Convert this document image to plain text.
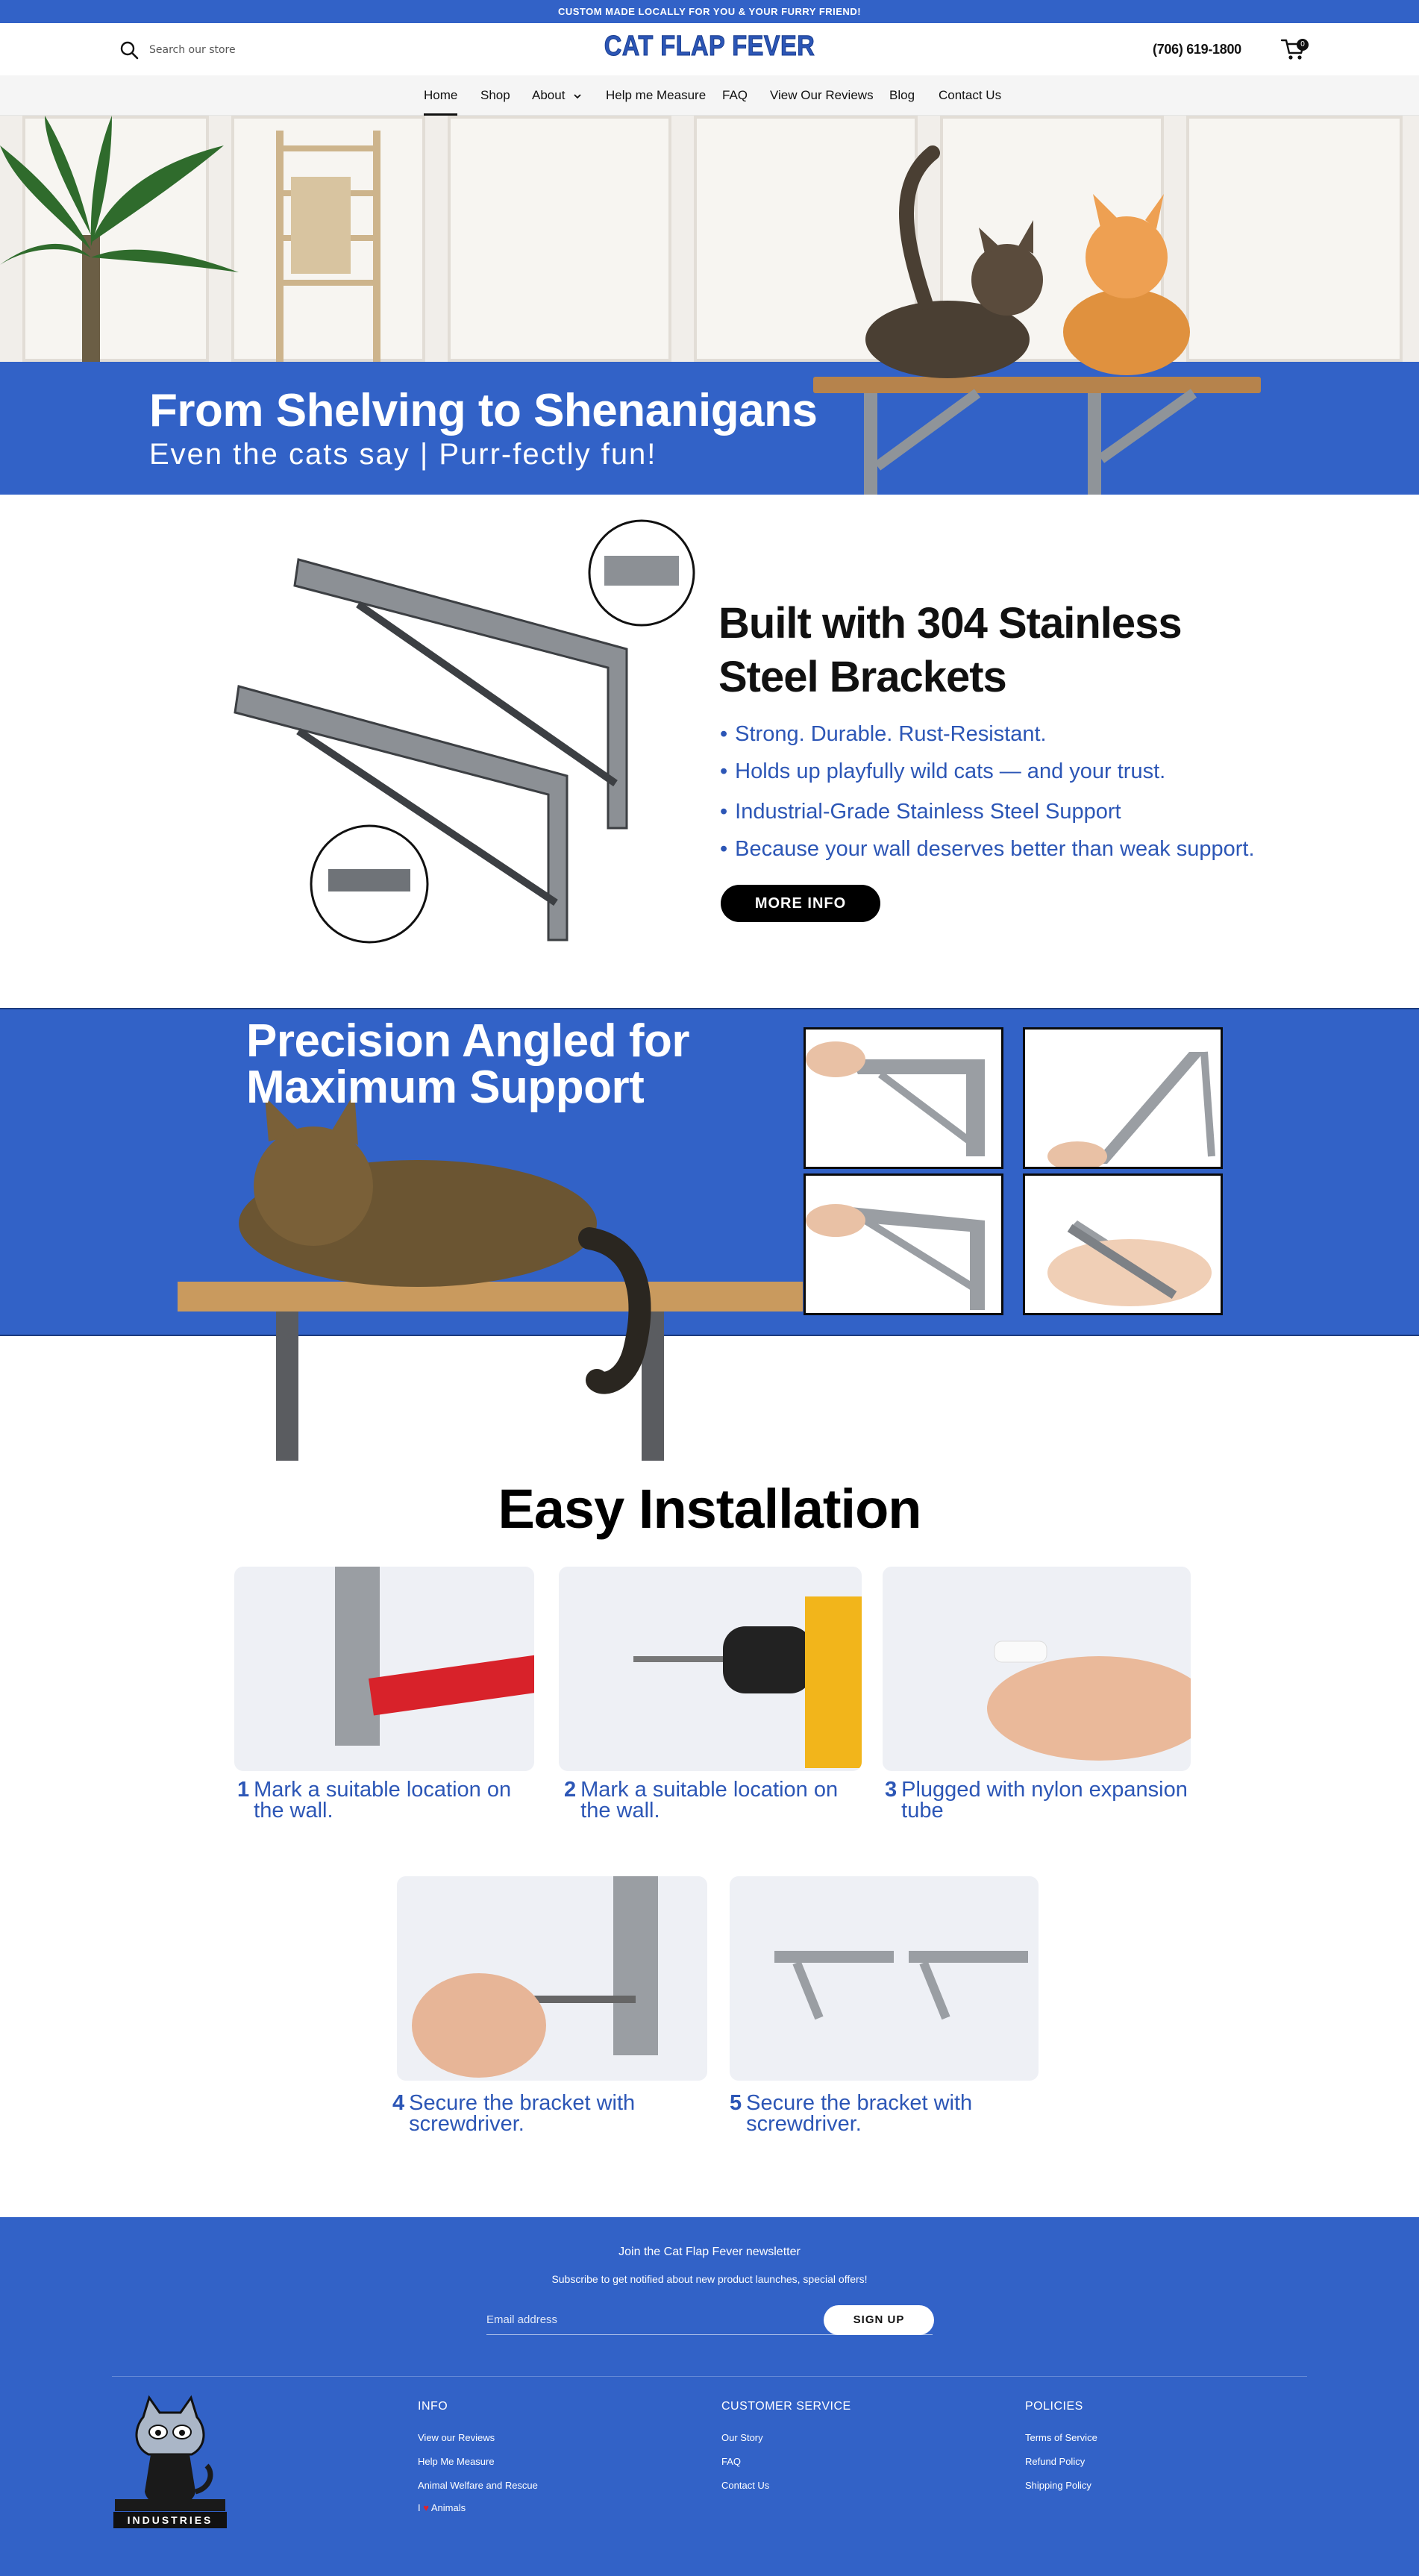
CUSTOM MADE LOCALLY FOR YOU & YOUR FURRY FRIEND!
Search our store
CAT FLAP FEVER	(706) 619-1800	0
Home Shop About	Help me Measure FAQ View Our Reviews Blog Contact Us
From Shelving to Shenanigans
Even the cats say | Purr-fectly fun!
Built with 304 Stainless
Steel Brackets
• Strong. Durable. Rust-Resistant.
• Holds up playfully wild cats — and your trust.
• Industrial-Grade Stainless Steel Support
• Because your wall deserves better than weak support.
MORE INFO
Precision Angled for
Maximum Support
Easy Installation
1 Mark a suitable location on
the wall.
2 Mark a suitable location on
the wall.
3 Plugged with nylon expansion
tube
4 Secure the bracket with
screwdriver.
5 Secure the bracket with
screwdriver.
Join the Cat Flap Fever newsletter
Subscribe to get notified about new product launches, special offers!
Email address
SIGN UP
INDUSTRIES
INFO
View our Reviews
Help Me Measure
Animal Welfare and Rescue
I ♥ Animals
CUSTOMER SERVICE
Our Story
FAQ
Contact Us
POLICIES
Terms of Service
Refund Policy
Shipping Policy
